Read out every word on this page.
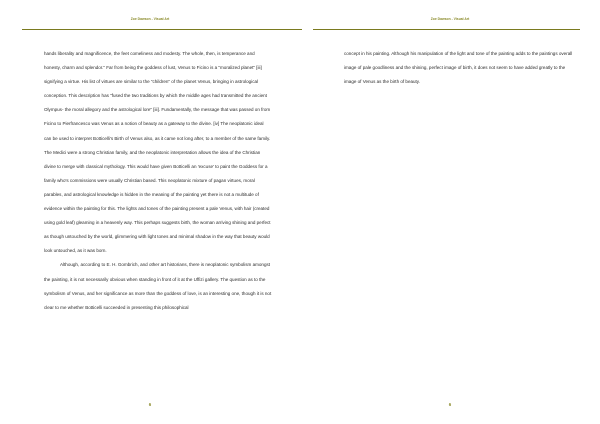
Zoe Dawson - Visual Art

hands liberality and magnificence, the feet comeliness and modesty. The whole, then, is temperance and honesty, charm and splendor." Far from being the goddess of lust, Venus to Ficino is a "moralized planet" [iii] signifying a virtue. His list of virtues are similar to the "children" of the planet Venus, bringing in astrological conception. This description has "fused the two traditions by which the middle ages had transmitted the ancient Olympus- the moral allegory and the astrological lore" [iii]. Fundamentally, the message that was passed on from Ficino to Pierfrancesco was Venus as a notion of beauty as a gateway to the divine. [iv] The neoplatonic ideal can be used to interpret Botticelli's Birth of Venus also, as it came not long after, to a member of the same family. The Medici were a strong Christian family, and the neoplatonic interpretation allows the idea of the Christian divine to merge with classical mythology. This would have given Botticelli an 'excuse' to paint the Goddess for a family who's commissions were usually Christian based. This neoplatonic mixture of pagan virtues, moral parables, and astrological knowledge is hidden in the meaning of the painting yet there is not a multitude of evidence within the painting for this. The lights and tones of the painting present a pale Venus, with hair (created using gold leaf) gleaming in a heavenly way. This perhaps suggests birth, the woman arriving shining and perfect as though untouched by the world, glimmering with light tones and minimal shadow in the way that beauty would look untouched, as it was born.

Although, according to E. H. Gombrich, and other art historians, there is neoplatonic symbolism amongst the painting, it is not necessarily obvious when standing in front of it at the Uffizi gallery. The question as to the symbolism of Venus, and her significance as more than the goddess of love, is an interesting one, though it is not clear to me whether Botticelli succeeded in presenting this philosophical

6
Zoe Dawson - Visual Art

concept in his painting. Although his manipulation of the light and tone of the painting adds to the paintings overall image of pale goodliness and the shining, perfect image of birth, it does not seem to have added greatly to the image of Venus as the birth of beauty.

6
